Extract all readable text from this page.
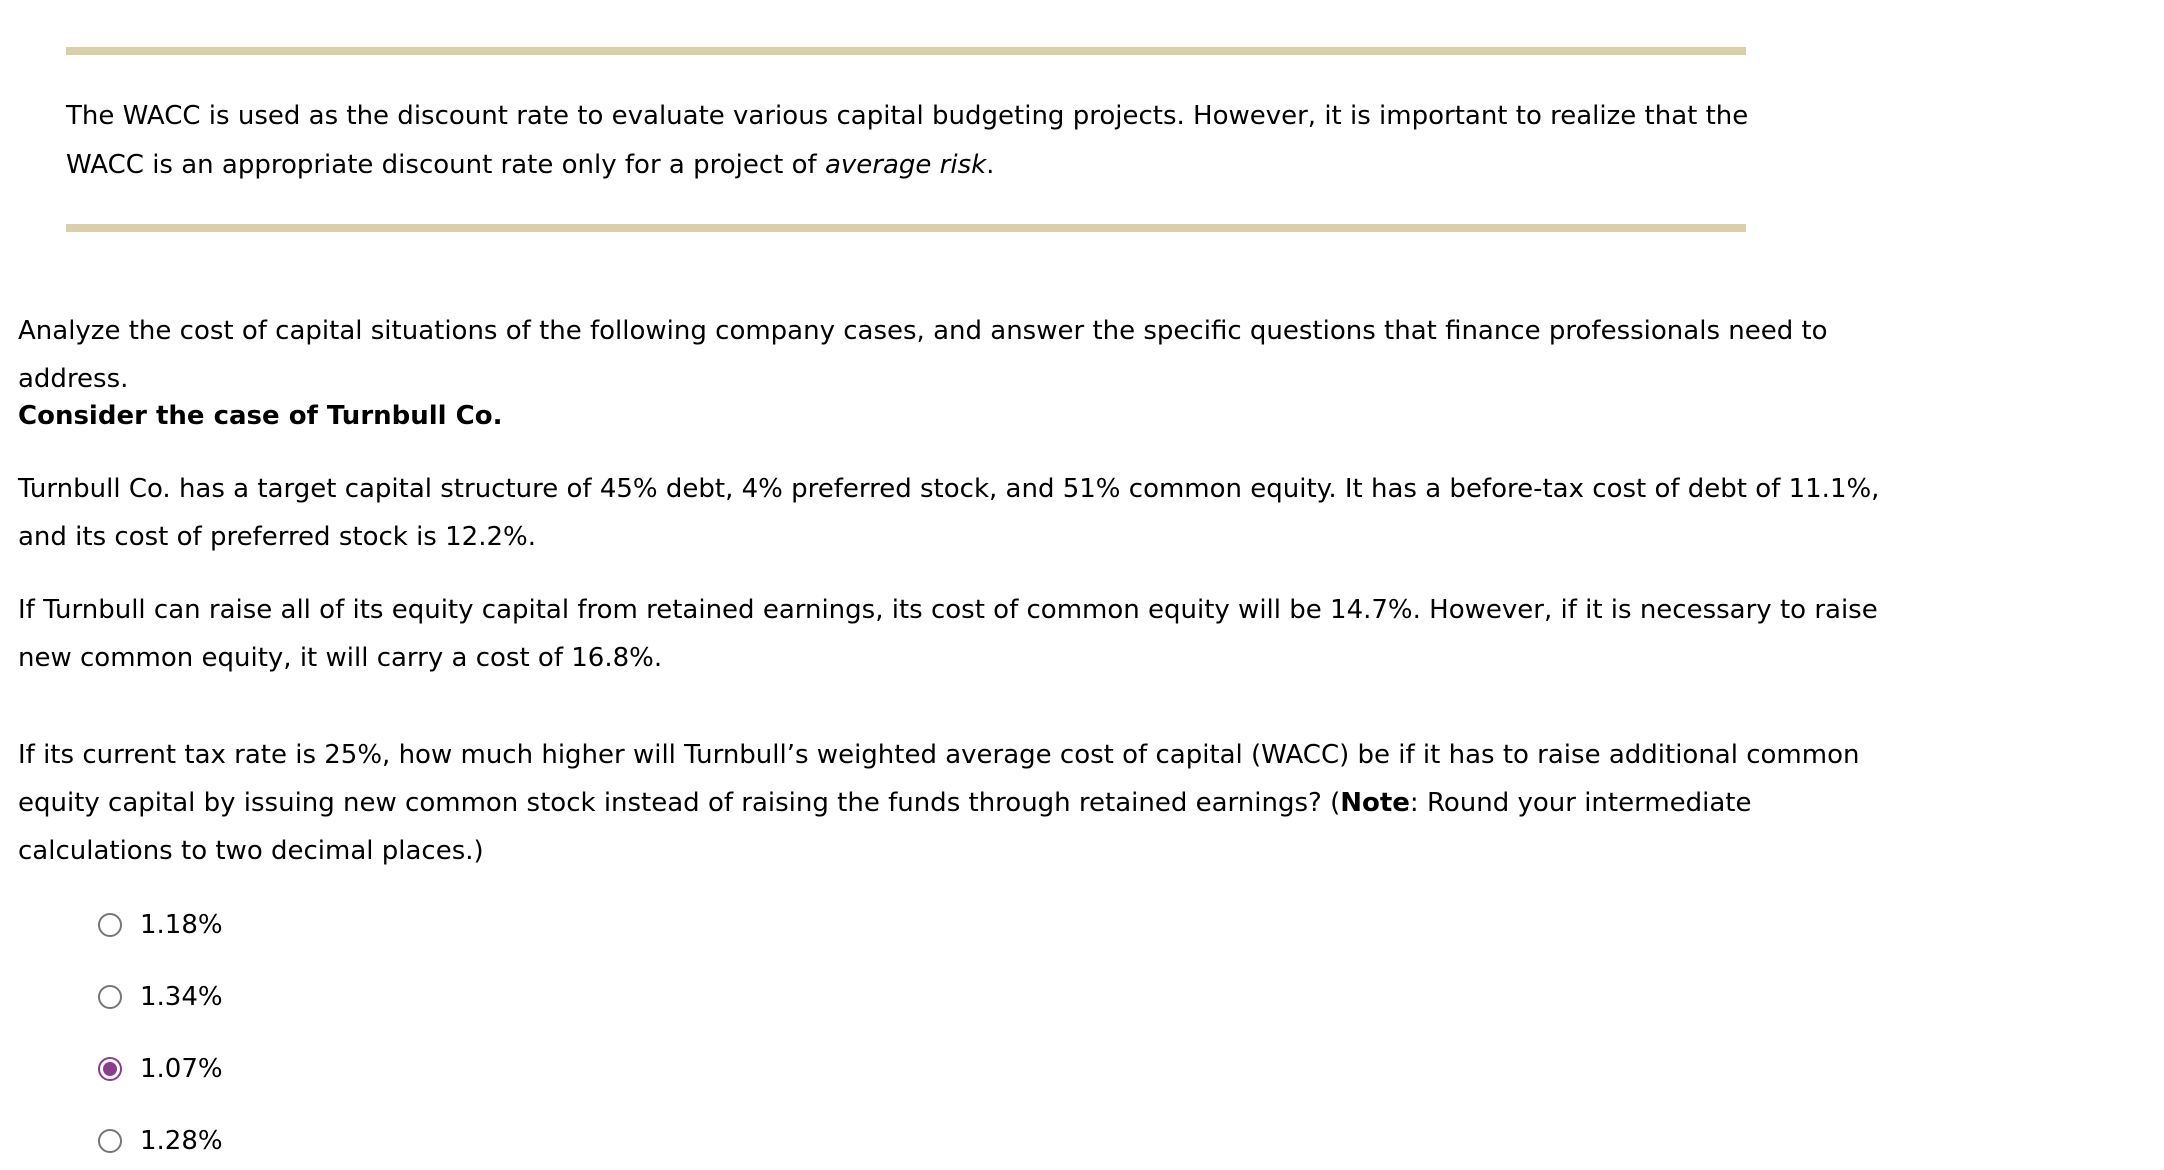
The WACC is used as the discount rate to evaluate various capital budgeting projects. However, it is important to realize that the WACC is an appropriate discount rate only for a project of average risk.
Analyze the cost of capital situations of the following company cases, and answer the specific questions that finance professionals need to address.
Consider the case of Turnbull Co.
Turnbull Co. has a target capital structure of 45% debt, 4% preferred stock, and 51% common equity. It has a before-tax cost of debt of 11.1%, and its cost of preferred stock is 12.2%.
If Turnbull can raise all of its equity capital from retained earnings, its cost of common equity will be 14.7%. However, if it is necessary to raise new common equity, it will carry a cost of 16.8%.
If its current tax rate is 25%, how much higher will Turnbull’s weighted average cost of capital (WACC) be if it has to raise additional common equity capital by issuing new common stock instead of raising the funds through retained earnings? (Note: Round your intermediate calculations to two decimal places.)
1.18%
1.34%
1.07%
1.28%
